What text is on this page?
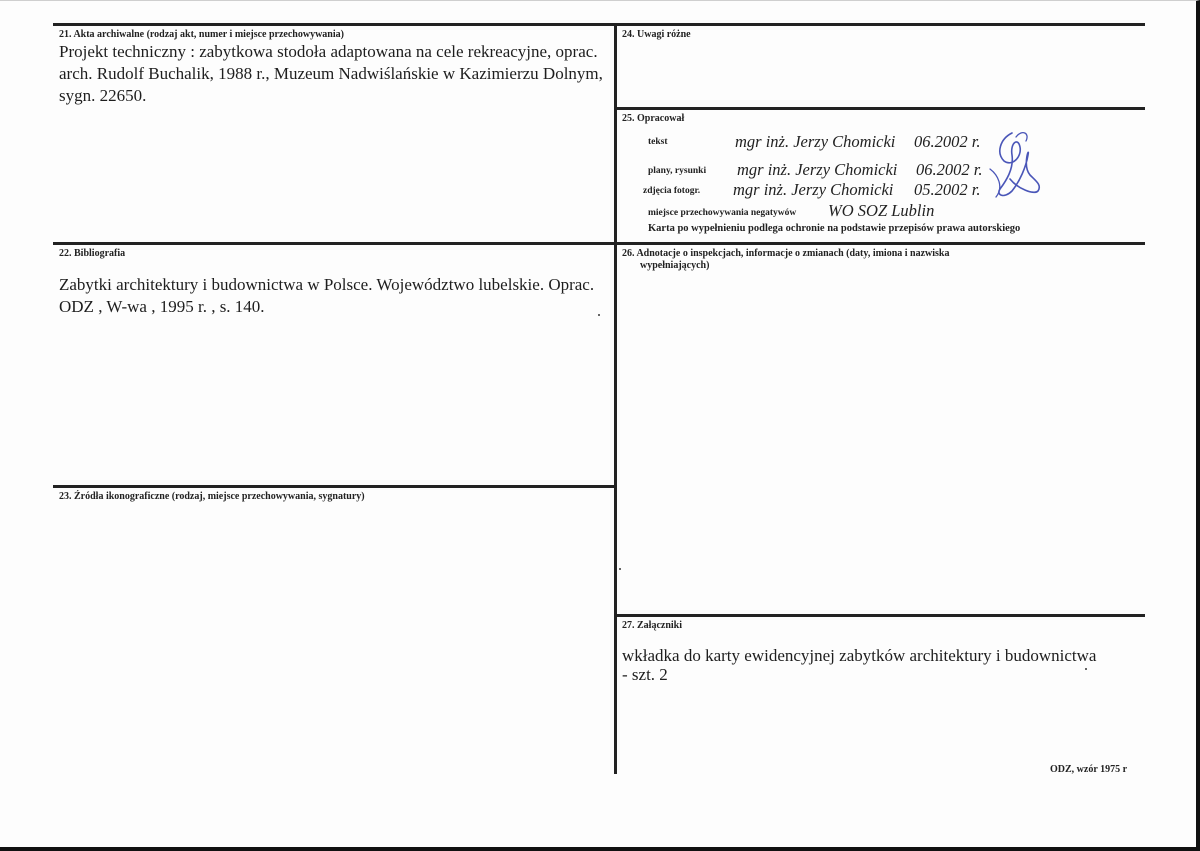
21. Akta archiwalne (rodzaj akt, numer i miejsce przechowywania)
Projekt techniczny : zabytkowa stodoła adaptowana na cele rekreacyjne, oprac.
arch. Rudolf Buchalik, 1988 r., Muzeum Nadwiślańskie w Kazimierzu Dolnym,
sygn. 22650.
24. Uwagi różne
25. Opracował
tekst	mgr inż. Jerzy Chomicki 06.2002 r.
plany, rysunki mgr inż. Jerzy Chomicki 06.2002 r.
zdjęcia fotogr. mgr inż. Jerzy Chomicki 05.2002 r.
miejsce przechowywania negatywów WO SOZ Lublin
Karta po wypełnieniu podlega ochronie na podstawie przepisów prawa autorskiego
22. Bibliografia
Zabytki architektury i budownictwa w Polsce. Województwo lubelskie. Oprac.
ODZ , W-wa , 1995 r. , s. 140.
26. Adnotacje o inspekcjach, informacje o zmianach (daty, imiona i nazwiska
wypełniających)
23. Źródła ikonograficzne (rodzaj, miejsce przechowywania, sygnatury)
27. Załączniki
wkładka do karty ewidencyjnej zabytków architektury i budownictwa
- szt. 2
ODZ, wzór 1975 r
